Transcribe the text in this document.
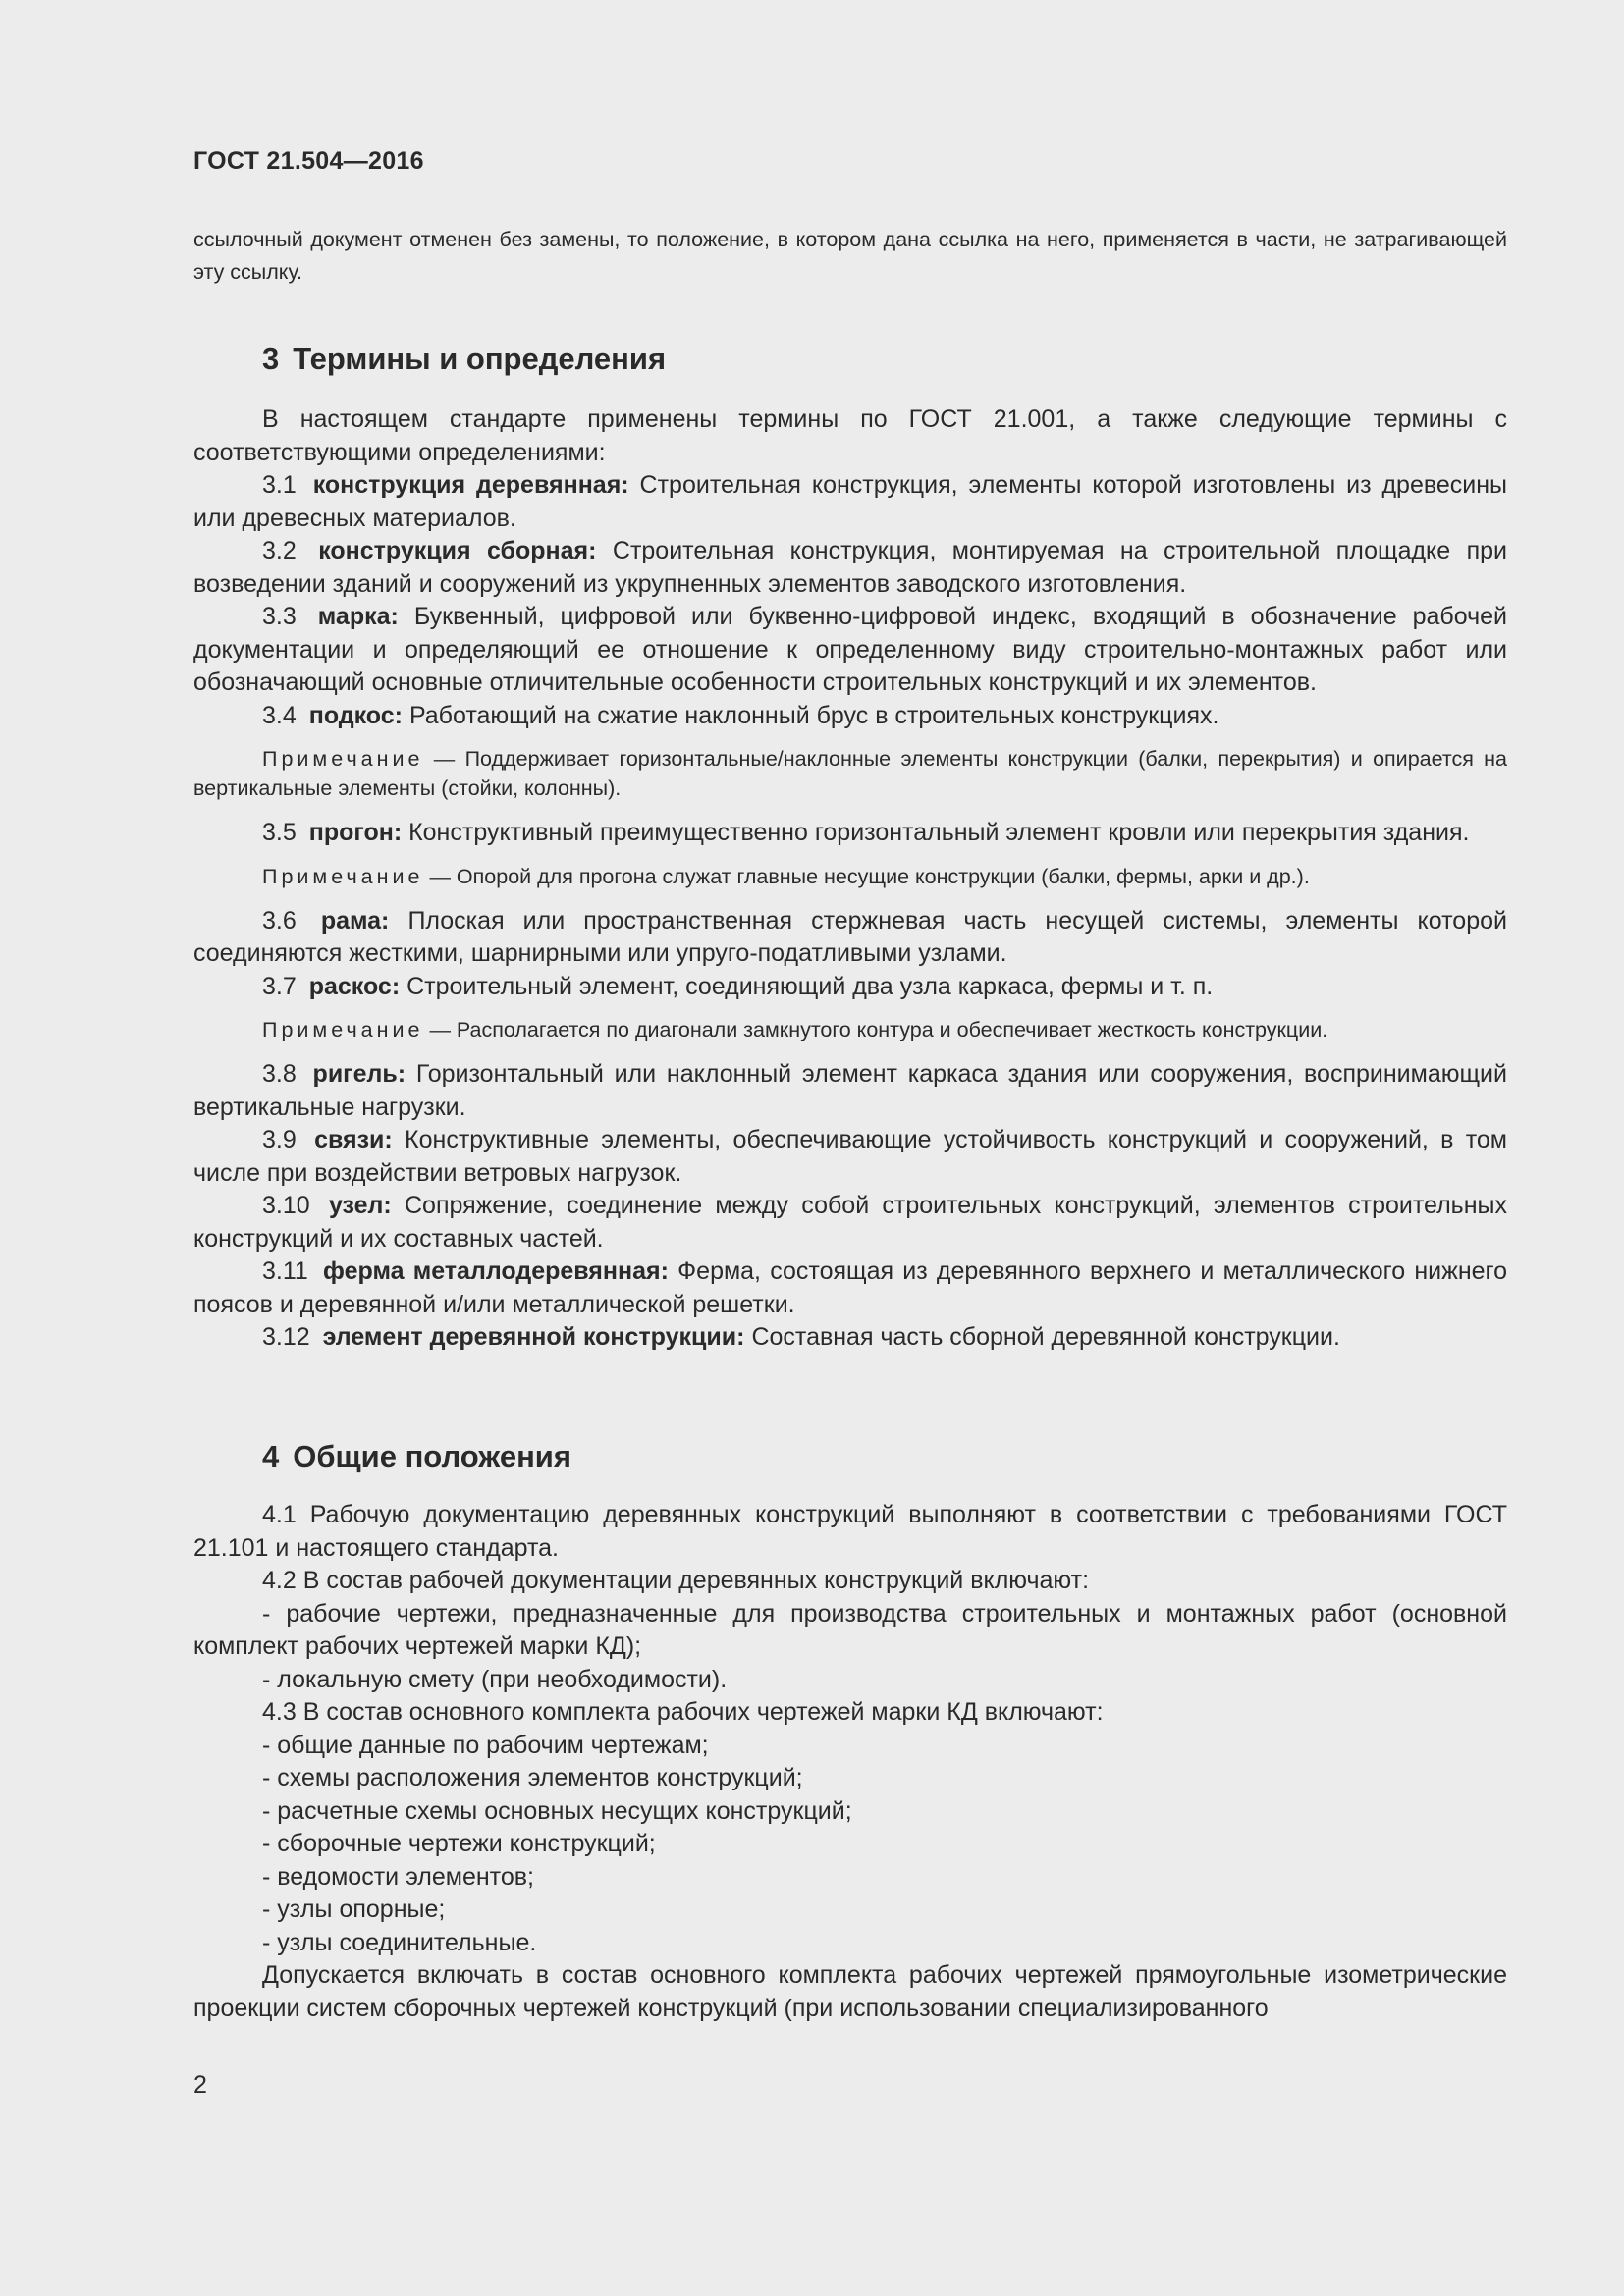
ГОСТ 21.504—2016
ссылочный документ отменен без замены, то положение, в котором дана ссылка на него, применяется в части, не затрагивающей эту ссылку.
3 Термины и определения

В настоящем стандарте применены термины по ГОСТ 21.001, а также следующие термины с соответствующими определениями:

3.1 конструкция деревянная: Строительная конструкция, элементы которой изготовлены из древесины или древесных материалов.

3.2 конструкция сборная: Строительная конструкция, монтируемая на строительной площадке при возведении зданий и сооружений из укрупненных элементов заводского изготовления.

3.3 марка: Буквенный, цифровой или буквенно-цифровой индекс, входящий в обозначение рабочей документации и определяющий ее отношение к определенному виду строительно-монтажных работ или обозначающий основные отличительные особенности строительных конструкций и их элементов.

3.4 подкос: Работающий на сжатие наклонный брус в строительных конструкциях.

Примечание — Поддерживает горизонтальные/наклонные элементы конструкции (балки, перекрытия) и опирается на вертикальные элементы (стойки, колонны).

3.5 прогон: Конструктивный преимущественно горизонтальный элемент кровли или перекрытия здания.

Примечание — Опорой для прогона служат главные несущие конструкции (балки, фермы, арки и др.).

3.6 рама: Плоская или пространственная стержневая часть несущей системы, элементы которой соединяются жесткими, шарнирными или упруго-податливыми узлами.

3.7 раскос: Строительный элемент, соединяющий два узла каркаса, фермы и т. п.

Примечание — Располагается по диагонали замкнутого контура и обеспечивает жесткость конструкции.

3.8 ригель: Горизонтальный или наклонный элемент каркаса здания или сооружения, воспринимающий вертикальные нагрузки.

3.9 связи: Конструктивные элементы, обеспечивающие устойчивость конструкций и сооружений, в том числе при воздействии ветровых нагрузок.

3.10 узел: Сопряжение, соединение между собой строительных конструкций, элементов строительных конструкций и их составных частей.

3.11 ферма металлодеревянная: Ферма, состоящая из деревянного верхнего и металлического нижнего поясов и деревянной и/или металлической решетки.

3.12 элемент деревянной конструкции: Составная часть сборной деревянной конструкции.

4 Общие положения

4.1 Рабочую документацию деревянных конструкций выполняют в соответствии с требованиями ГОСТ 21.101 и настоящего стандарта.

4.2 В состав рабочей документации деревянных конструкций включают:

- рабочие чертежи, предназначенные для производства строительных и монтажных работ (основной комплект рабочих чертежей марки КД);

- локальную смету (при необходимости).

4.3 В состав основного комплекта рабочих чертежей марки КД включают:

- общие данные по рабочим чертежам;

- схемы расположения элементов конструкций;

- расчетные схемы основных несущих конструкций;

- сборочные чертежи конструкций;

- ведомости элементов;

- узлы опорные;

- узлы соединительные.

Допускается включать в состав основного комплекта рабочих чертежей прямоугольные изометрические проекции систем сборочных чертежей конструкций (при использовании специализированного

2
